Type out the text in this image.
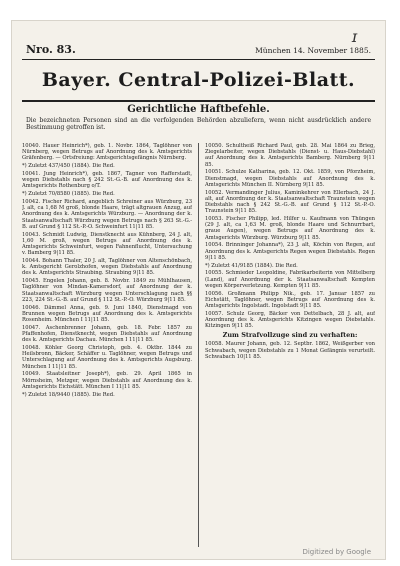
ɪ
Nro. 83.	München 14. November 1885.
Bayer. Central-Polizei-Blatt.
Gerichtliche Haftbefehle.
Die bezeichneten Personen sind an die verfolgenden Behörden abzuliefern, wenn nicht ausdrücklich andere Bestimmung getroffen ist.

10040. Hauer Heinrich*), geb. 1. Novbr. 1864, Taglöhner von Nürnberg, wegen Betrugs auf Anordnung des k. Amtsgerichts Gräfenberg. — Ortsfreiung: Amtsgerichtsgefängnis Nürnberg.

*) Zuletzt 437/450 (1884). Die Red.

10041. Jung Heinrich*), geb. 1867, Tagner von Rafferstadt, wegen Diebstahls nach § 242 St.-G.-B. auf Anordnung des k. Amtsgerichts Rothenburg o/T.

*) Zuletzt 70/8580 (1885). Die Red.

10042. Fischer Richard, angeblich Schreiner aus Würzburg, 23 J. alt, ca 1,68 M groß, blonde Haare, trägt altgrauen Anzug, auf Anordnung des k. Amtsgerichts Würzburg. — Anordnung der k. Staatsanwaltschaft Würzburg wegen Betrugs nach § 263 St.-G.-B. auf Grund § 112 St.-P.-O. Schweinfurt 11|11 85.

10043. Schmidt Ludwig, Dienstknecht aus Kühnberg, 24 J. alt, 1,60 M. groß, wegen Betrugs auf Anordnung des k. Amtsgerichts Schweinfurt, wegen Fahnenflucht, Untersuchung v. Bamberg 9|11 85.

10044. Bohann Thaler, 20 J. alt, Taglöhner von Altenschönbach, k. Amtsgericht Gerolzhofen, wegen Diebstahls auf Anordnung des k. Amtsgerichts Straubing. Straubing 9|11 85.

10045. Engelen Johann, geb. 8. Novbr. 1849 zu Mühlhausen, Taglöhner von Mindan-Kamersdorf, auf Anordnung der k. Staatsanwaltschaft Würzburg wegen Unterschlagung nach §§ 223, 224 St.-G.-B. auf Grund § 112 St.-P.-O. Würzburg 9|11 85.

10046. Dämmel Anna, geb. 9. Juni 1840, Dienstmagd von Brunnen wegen Betrugs auf Anordnung des k. Amtsgerichts Rosenheim. München I 11|11 85.

10047. Aschenbrenner Johann, geb. 18. Febr. 1857 zu Pfaffenhofen, Dienstknecht, wegen Diebstahls auf Anordnung des k. Amtsgerichts Dachau. München I 11|11 85.

10048. Köhler Georg Christoph, geb. 4. Oktbr. 1844 zu Heilsbronn, Bäcker, Schäffer u. Taglöhner, wegen Betrugs und Unterschlagung auf Anordnung des k. Amtsgerichts Augsburg. München I 11|11 85.

10049. Staatsleitner Joseph*), geb. 29. April 1865 in Mörnsheim, Metzger, wegen Diebstahls auf Anordnung des k. Amtsgerichts Eichstätt. München I 11|11 85.

*) Zuletzt 18/9440 (1885). Die Red.

10050. Schultheiß Richard Paul, geb. 28. Mai 1864 zu Brieg, Ziegelarbeiter, wegen Diebstahls (Dienst- u. Haus-Diebstahl) auf Anordnung des k. Amtsgerichts Bamberg. Nürnberg 9|11 85.

10051. Schulze Katharina, geb. 12. Okt. 1859, von Pforzheim, Dienstmagd, wegen Diebstahls auf Anordnung des k. Amtsgerichts München II. Nürnberg 9|11 85.

10052. Vermandinger Julius, Kaminkehrer von Ellerbach, 24 J. alt, auf Anordnung der k. Staatsanwaltschaft Traunstein wegen Diebstahls nach § 242 St.-G.-B. auf Grund § 112 St.-P.-O. Traunstein 9|11 85.

10053. Fischer Philipp, led. Hilfer u. Kaufmann von Thüngen (29 J. alt, ca 1,63 M. groß, blonde Haare und Schnurrbart, graue Augen), wegen Betrugs auf Anordnung des k. Amtsgerichts Würzburg. Würzburg 9|11 85.

10054. Brinninger Johanna*), 23 J. alt, Köchin von Regen, auf Anordnung des k. Amtsgerichts Regen wegen Diebstahls. Regen 9|11 85.

*) Zuletzt 41/9185 (1884). Die Red.

10055. Schmieder Leopoldine, Fabrikarbeiterin von Mittelberg (Land), auf Anordnung der k. Staatsanwaltschaft Kempten wegen Körperverletzung. Kempten 9|11 85.

10056. Großmann Philipp Nik., geb. 17. Januar 1857 zu Eichstätt, Taglöhner, wegen Betrugs auf Anordnung des k. Amtsgerichts Ingolstadt. Ingolstadt 9|11 85.

10057. Schulz Georg, Bäcker von Dettelbach, 28 J. alt, auf Anordnung des k. Amtsgerichts Kitzingen wegen Diebstahls. Kitzingen 9|11 85.

Zum Strafvollzuge sind zu verhaften:

10058. Maurer Johann, geb. 12. Septbr. 1862, Weißgerber von Schwabach, wegen Diebstahls zu 1 Monat Gefängnis verurteilt. Schwabach 10|11 85.

Digitized by Google
